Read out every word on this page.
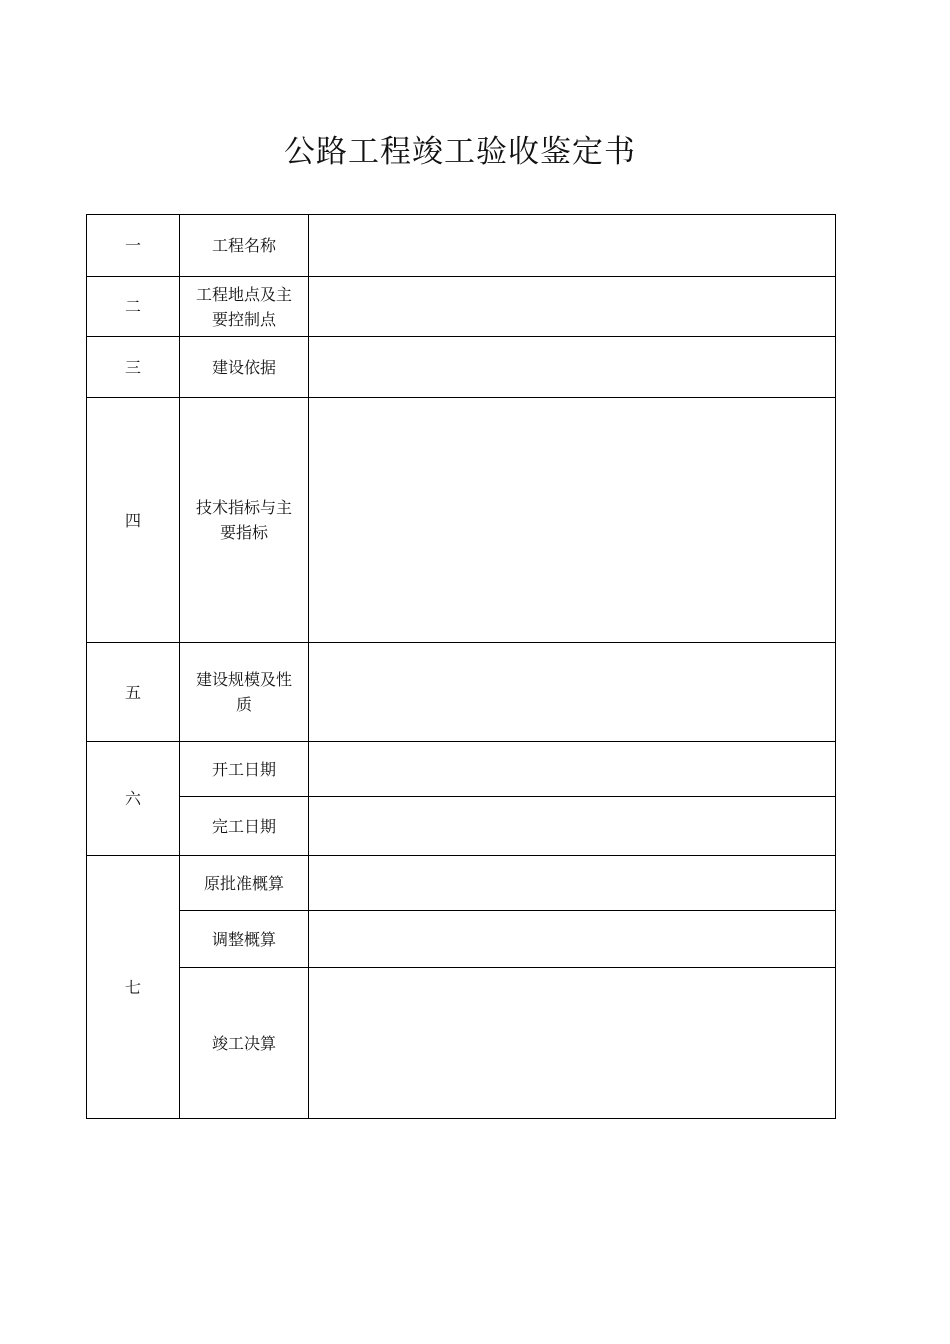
公路工程竣工验收鉴定书
一	工程名称	
二	工程地点及主要控制点	
三	建设依据	
四	技术指标与主要指标	
五	建设规模及性质	
六	开工日期	
	完工日期	
七	原批准概算	
	调整概算	
	竣工决算	
